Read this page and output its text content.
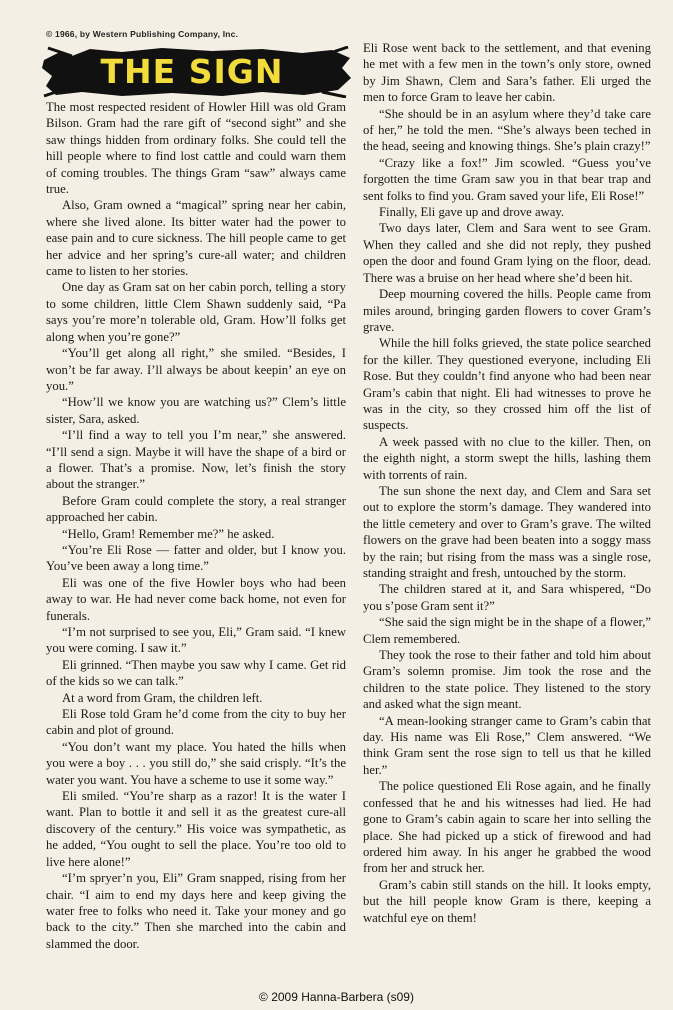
© 1966, by Western Publishing Company, Inc.
THE SIGN

The most respected resident of Howler Hill was old Gram Bilson. Gram had the rare gift of “second sight” and she saw things hidden from ordinary folks. She could tell the hill people where to find lost cattle and could warn them of coming troubles. The things Gram “saw” always came true.

Also, Gram owned a “magical” spring near her cabin, where she lived alone. Its bitter water had the power to ease pain and to cure sickness. The hill people came to get her advice and her spring’s cure-all water; and children came to listen to her stories.

One day as Gram sat on her cabin porch, telling a story to some children, little Clem Shawn suddenly said, “Pa says you’re more’n tolerable old, Gram. How’ll folks get along when you’re gone?”

“You’ll get along all right,” she smiled. “Besides, I won’t be far away. I’ll always be about keepin’ an eye on you.”

“How’ll we know you are watching us?” Clem’s little sister, Sara, asked.

“I’ll find a way to tell you I’m near,” she answered. “I’ll send a sign. Maybe it will have the shape of a bird or a flower. That’s a promise. Now, let’s finish the story about the stranger.”

Before Gram could complete the story, a real stranger approached her cabin.

“Hello, Gram! Remember me?” he asked.

“You’re Eli Rose — fatter and older, but I know you. You’ve been away a long time.”

Eli was one of the five Howler boys who had been away to war. He had never come back home, not even for funerals.

“I’m not surprised to see you, Eli,” Gram said. “I knew you were coming. I saw it.”

Eli grinned. “Then maybe you saw why I came. Get rid of the kids so we can talk.”

At a word from Gram, the children left.

Eli Rose told Gram he’d come from the city to buy her cabin and plot of ground.

“You don’t want my place. You hated the hills when you were a boy . . . you still do,” she said crisply. “It’s the water you want. You have a scheme to use it some way.”

Eli smiled. “You’re sharp as a razor! It is the water I want. Plan to bottle it and sell it as the greatest cure-all discovery of the century.” His voice was sympathetic, as he added, “You ought to sell the place. You’re too old to live here alone!”

“I’m spryer’n you, Eli” Gram snapped, rising from her chair. “I aim to end my days here and keep giving the water free to folks who need it. Take your money and go back to the city.” Then she marched into the cabin and slammed the door.

Eli Rose went back to the settlement, and that evening he met with a few men in the town’s only store, owned by Jim Shawn, Clem and Sara’s father. Eli urged the men to force Gram to leave her cabin.

“She should be in an asylum where they’d take care of her,” he told the men. “She’s always been teched in the head, seeing and knowing things. She’s plain crazy!”

“Crazy like a fox!” Jim scowled. “Guess you’ve forgotten the time Gram saw you in that bear trap and sent folks to find you. Gram saved your life, Eli Rose!”

Finally, Eli gave up and drove away.

Two days later, Clem and Sara went to see Gram. When they called and she did not reply, they pushed open the door and found Gram lying on the floor, dead. There was a bruise on her head where she’d been hit.

Deep mourning covered the hills. People came from miles around, bringing garden flowers to cover Gram’s grave.

While the hill folks grieved, the state police searched for the killer. They questioned everyone, including Eli Rose. But they couldn’t find anyone who had been near Gram’s cabin that night. Eli had witnesses to prove he was in the city, so they crossed him off the list of suspects.

A week passed with no clue to the killer. Then, on the eighth night, a storm swept the hills, lashing them with torrents of rain.

The sun shone the next day, and Clem and Sara set out to explore the storm’s damage. They wandered into the little cemetery and over to Gram’s grave. The wilted flowers on the grave had been beaten into a soggy mass by the rain; but rising from the mass was a single rose, standing straight and fresh, untouched by the storm.

The children stared at it, and Sara whispered, “Do you s’pose Gram sent it?”

“She said the sign might be in the shape of a flower,” Clem remembered.

They took the rose to their father and told him about Gram’s solemn promise. Jim took the rose and the children to the state police. They listened to the story and asked what the sign meant.

“A mean-looking stranger came to Gram’s cabin that day. His name was Eli Rose,” Clem answered. “We think Gram sent the rose sign to tell us that he killed her.”

The police questioned Eli Rose again, and he finally confessed that he and his witnesses had lied. He had gone to Gram’s cabin again to scare her into selling the place. She had picked up a stick of firewood and had ordered him away. In his anger he grabbed the wood from her and struck her.

Gram’s cabin still stands on the hill. It looks empty, but the hill people know Gram is there, keeping a watchful eye on them!

© 2009 Hanna-Barbera (s09)
